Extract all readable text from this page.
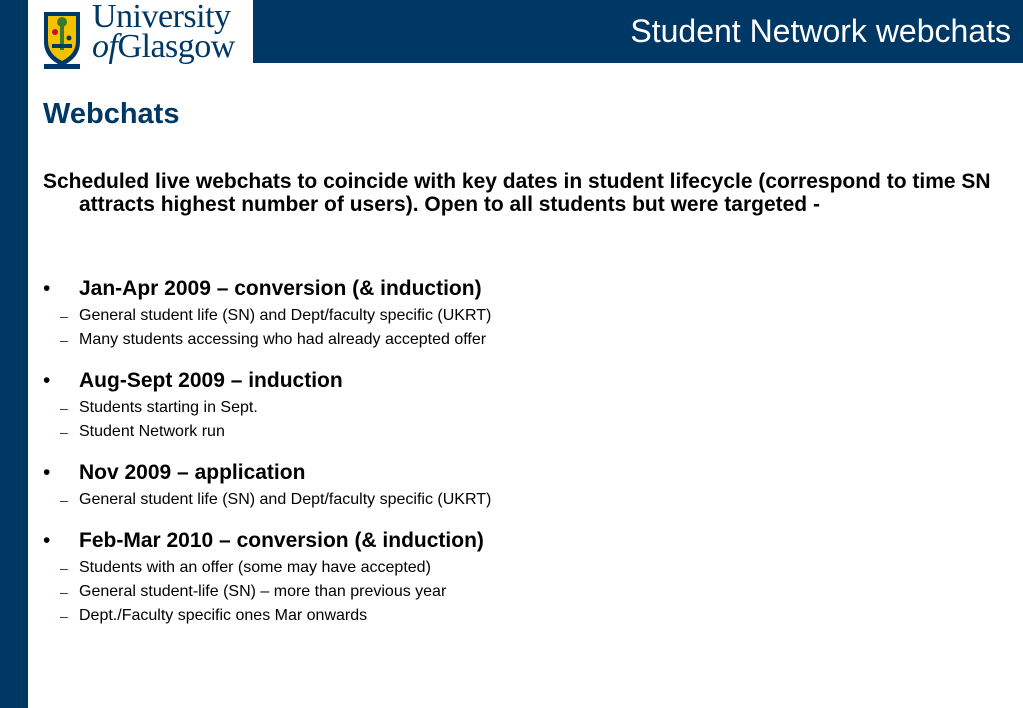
University
ofGlasgow	Student Network webchats
Webchats
Scheduled live webchats to coincide with key dates in student lifecycle (correspond to time SN attracts highest number of users). Open to all students but were targeted -
• Jan-Apr 2009 – conversion (& induction)
– General student life (SN) and Dept/faculty specific (UKRT)
– Many students accessing who had already accepted offer
• Aug-Sept 2009 – induction
– Students starting in Sept.
– Student Network run
• Nov 2009 – application
– General student life (SN) and Dept/faculty specific (UKRT)
• Feb-Mar 2010 – conversion (& induction)
– Students with an offer (some may have accepted)
– General student-life (SN) – more than previous year
– Dept./Faculty specific ones Mar onwards
